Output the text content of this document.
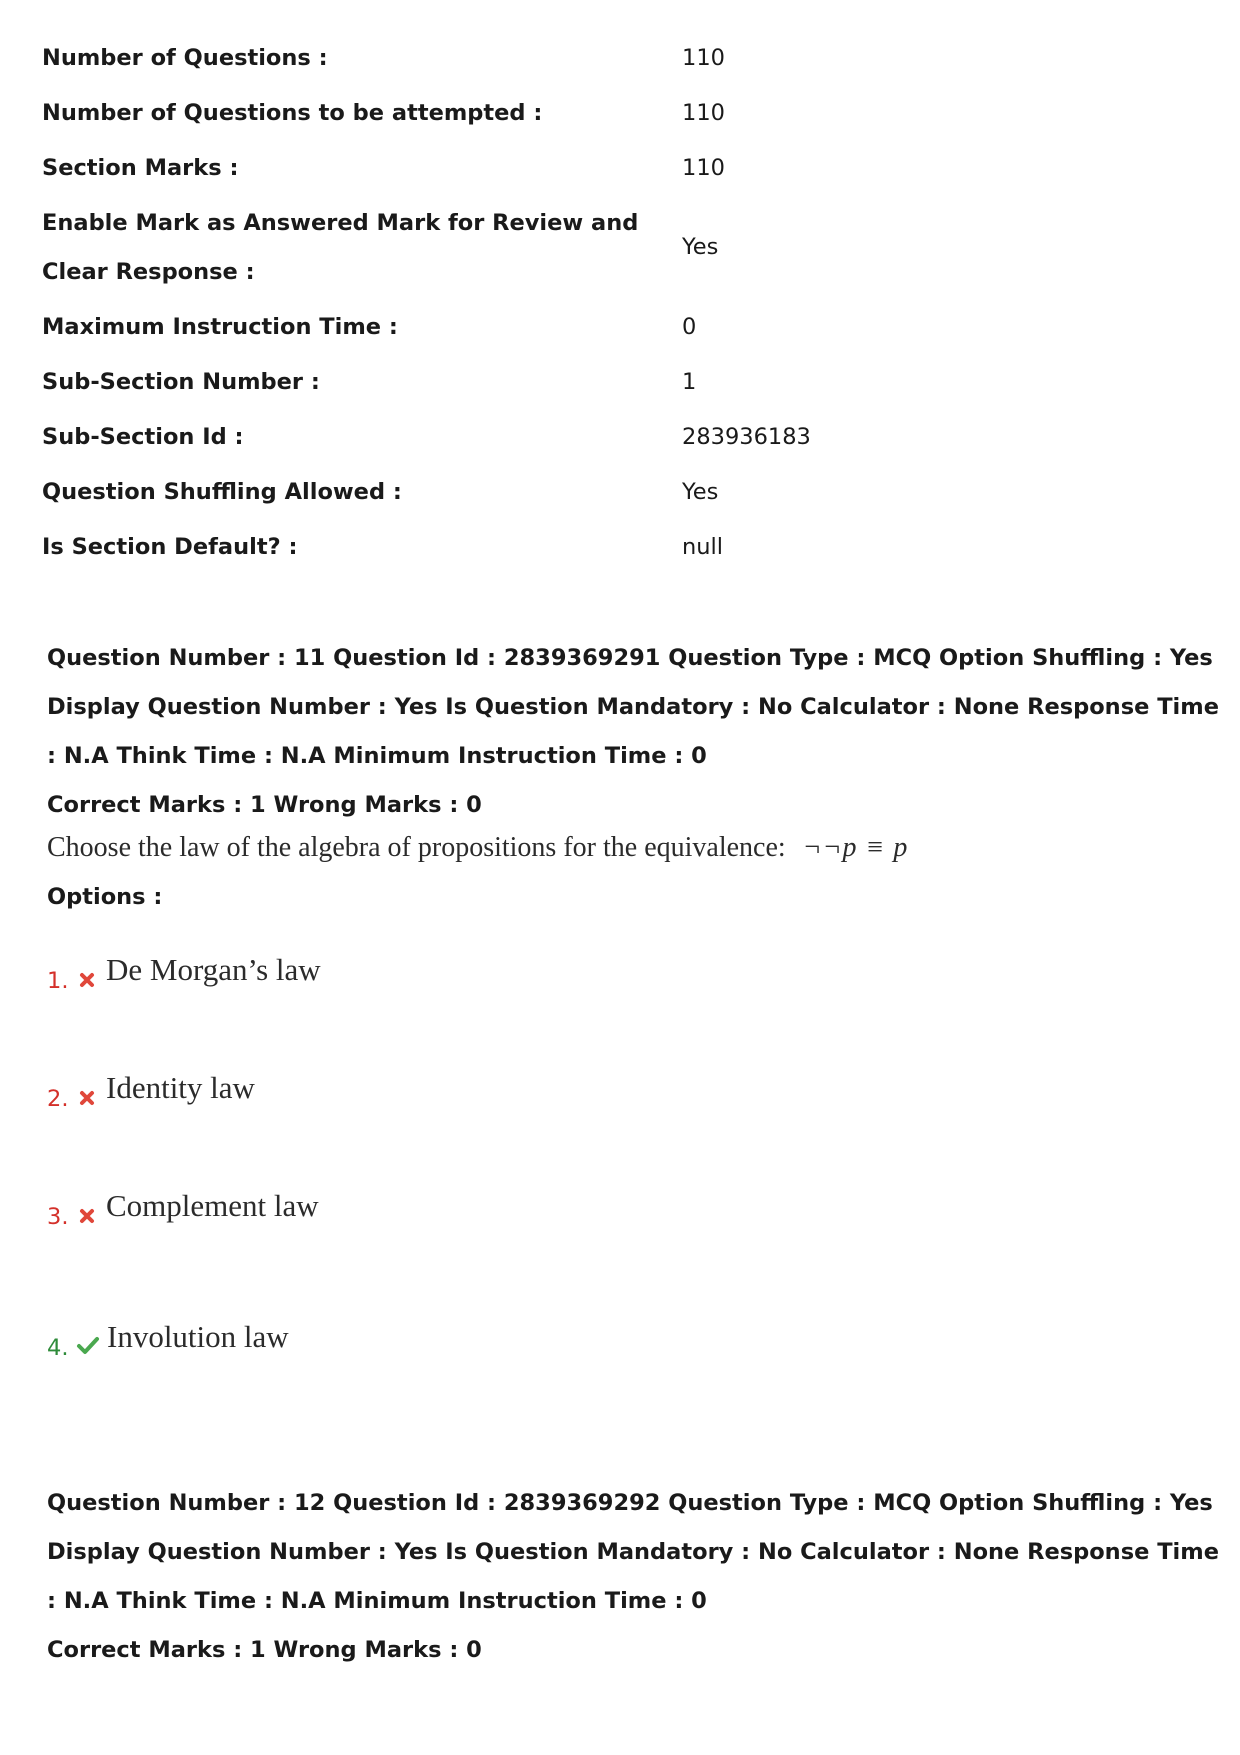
Number of Questions :	110
Number of Questions to be attempted :	110
Section Marks :	110
Enable Mark as Answered Mark for Review and
Clear Response :
Yes
Maximum Instruction Time :	0
Sub-Section Number :	1
Sub-Section Id :	283936183
Question Shuffling Allowed :	Yes
Is Section Default? :	null

Question Number : 11 Question Id : 2839369291 Question Type : MCQ Option Shuffling : Yes

Display Question Number : Yes Is Question Mandatory : No Calculator : None Response Time

: N.A Think Time : N.A Minimum Instruction Time : 0

Correct Marks : 1 Wrong Marks : 0

Choose the law of the algebra of propositions for the equivalence: ¬¬p ≡ p

Options :

1. De Morgan’s law
2. Identity law
3. Complement law
4. Involution law

Question Number : 12 Question Id : 2839369292 Question Type : MCQ Option Shuffling : Yes

Display Question Number : Yes Is Question Mandatory : No Calculator : None Response Time

: N.A Think Time : N.A Minimum Instruction Time : 0

Correct Marks : 1 Wrong Marks : 0
